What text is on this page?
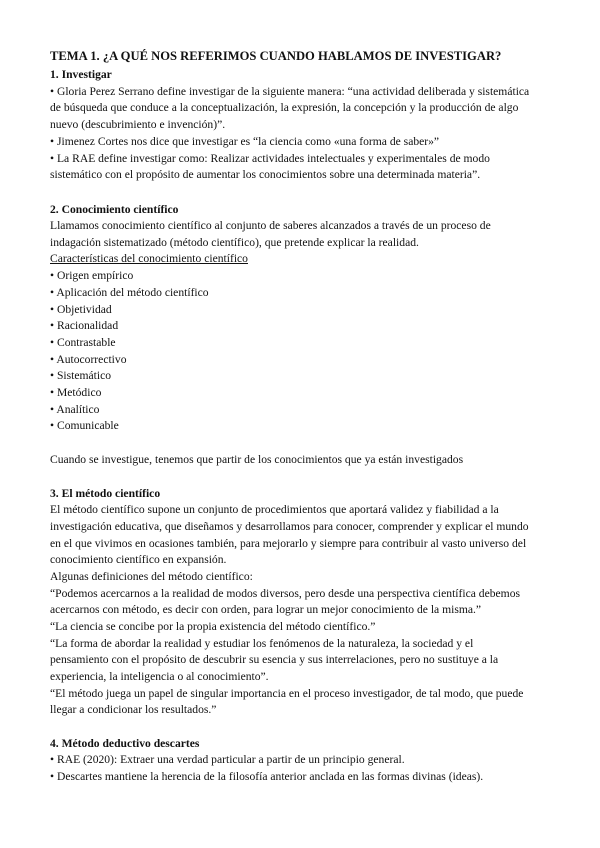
TEMA 1. ¿A QUÉ NOS REFERIMOS CUANDO HABLAMOS DE INVESTIGAR?
1. Investigar
• Gloria Perez Serrano define investigar de la siguiente manera: “una actividad deliberada y sistemática
de búsqueda que conduce a la conceptualización, la expresión, la concepción y la producción de algo
nuevo (descubrimiento e invención)”.
• Jimenez Cortes nos dice que investigar es “la ciencia como «una forma de saber»”
• La RAE define investigar como: Realizar actividades intelectuales y experimentales de modo
sistemático con el propósito de aumentar los conocimientos sobre una determinada materia”.
2. Conocimiento científico
Llamamos conocimiento científico al conjunto de saberes alcanzados a través de un proceso de
indagación sistematizado (método científico), que pretende explicar la realidad.
Características del conocimiento científico
• Origen empírico
• Aplicación del método científico
• Objetividad
• Racionalidad
• Contrastable
• Autocorrectivo
• Sistemático
• Metódico
• Analítico
• Comunicable
Cuando se investigue, tenemos que partir de los conocimientos que ya están investigados
3. El método científico
El método científico supone un conjunto de procedimientos que aportará validez y fiabilidad a la
investigación educativa, que diseñamos y desarrollamos para conocer, comprender y explicar el mundo
en el que vivimos en ocasiones también, para mejorarlo y siempre para contribuir al vasto universo del
conocimiento científico en expansión.
Algunas definiciones del método científico:
“Podemos acercarnos a la realidad de modos diversos, pero desde una perspectiva científica debemos
acercarnos con método, es decir con orden, para lograr un mejor conocimiento de la misma.”
“La ciencia se concibe por la propia existencia del método científico.”
“La forma de abordar la realidad y estudiar los fenómenos de la naturaleza, la sociedad y el
pensamiento con el propósito de descubrir su esencia y sus interrelaciones, pero no sustituye a la
experiencia, la inteligencia o al conocimiento”.
“El método juega un papel de singular importancia en el proceso investigador, de tal modo, que puede
llegar a condicionar los resultados.”
4. Método deductivo descartes
• RAE (2020): Extraer una verdad particular a partir de un principio general.
• Descartes mantiene la herencia de la filosofía anterior anclada en las formas divinas (ideas).
